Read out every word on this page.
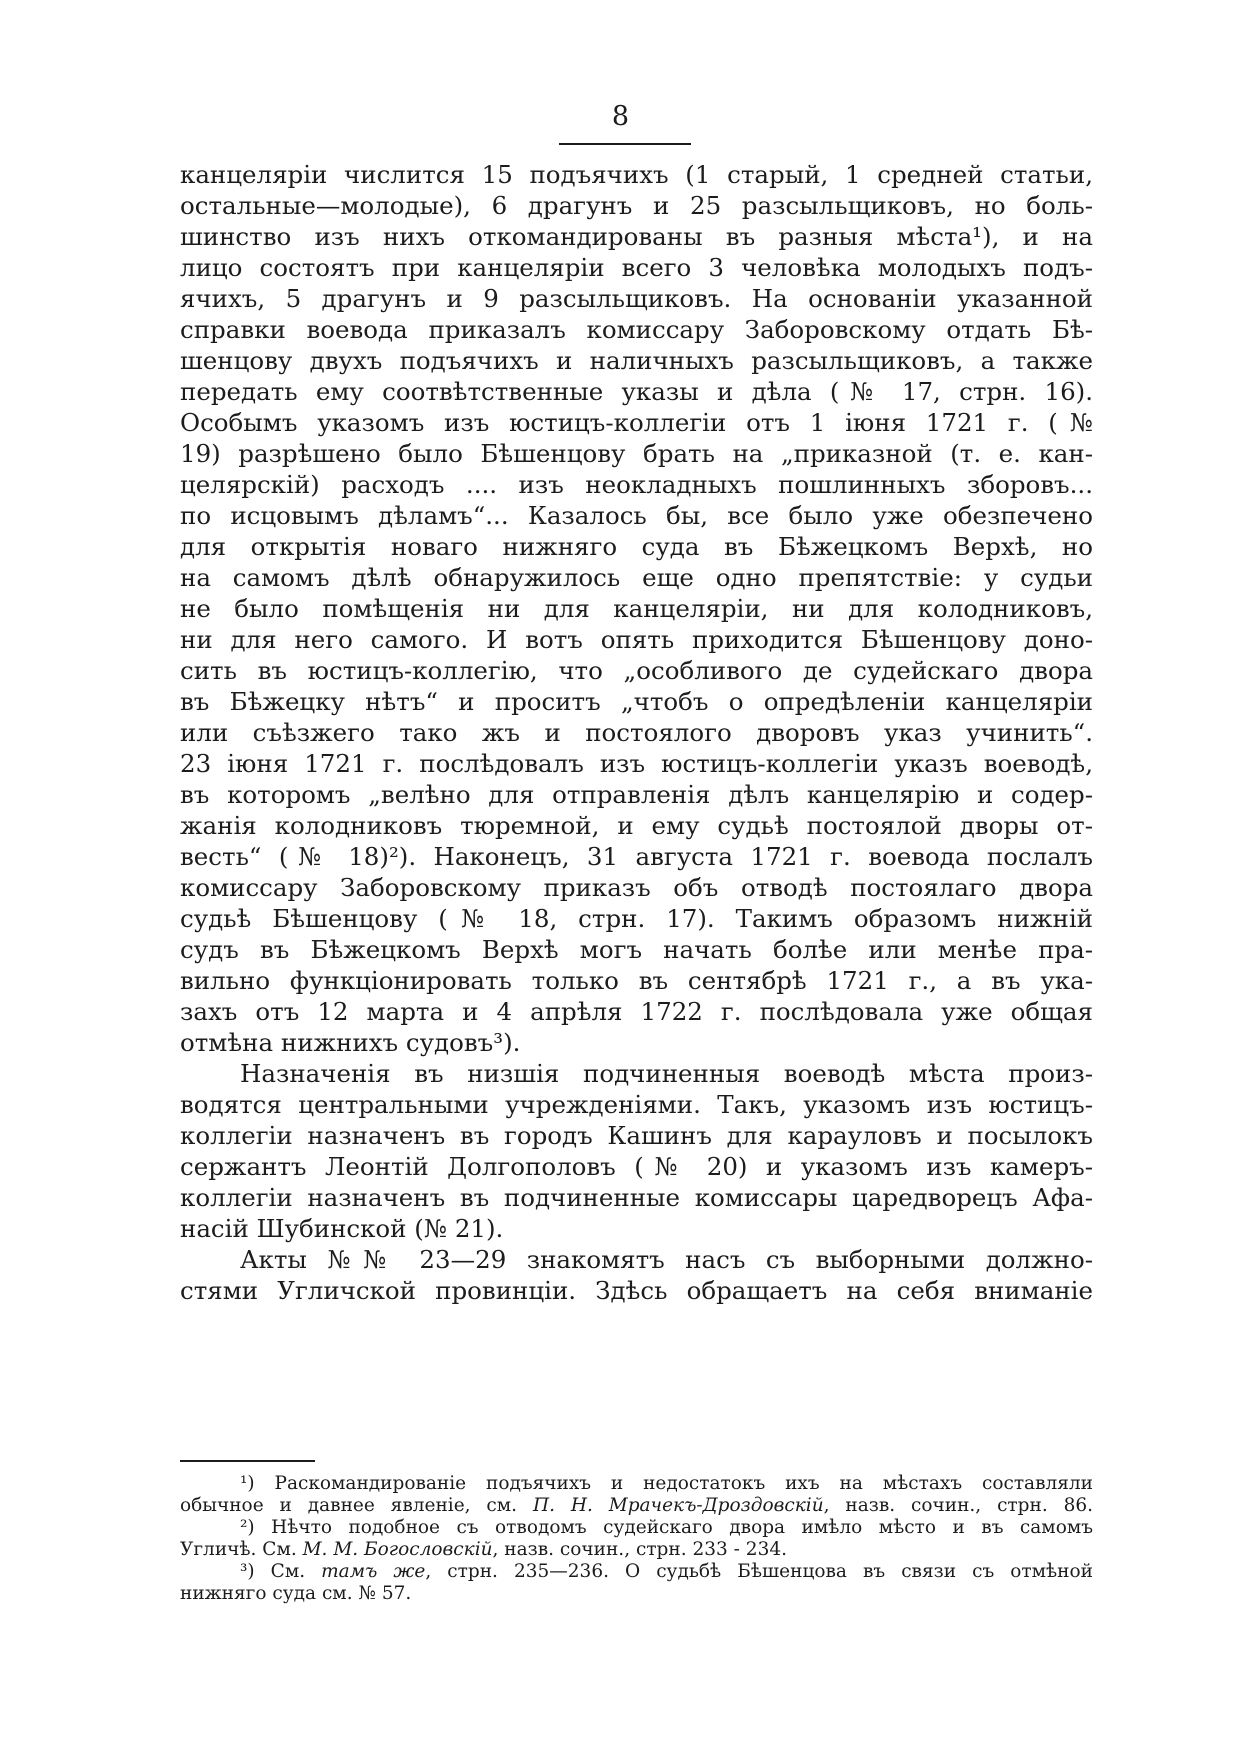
8
канцеляріи числится 15 подъячихъ (1 старый, 1 средней статьи,
остальные—молодые), 6 драгунъ и 25 разсыльщиковъ, но боль-
шинство изъ нихъ откомандированы въ разныя мѣста¹), и на
лицо состоятъ при канцеляріи всего 3 человѣка молодыхъ подъ-
ячихъ, 5 драгунъ и 9 разсыльщиковъ. На основаніи указанной
справки воевода приказалъ комиссару Заборовскому отдать Бѣ-
шенцову двухъ подъячихъ и наличныхъ разсыльщиковъ, а также
передать ему соотвѣтственные указы и дѣла (№ 17, стрн. 16).
Особымъ указомъ изъ юстицъ-коллегіи отъ 1 іюня 1721 г. (№
19) разрѣшено было Бѣшенцову брать на „приказной (т. е. кан-
целярскій) расходъ .... изъ неокладныхъ пошлинныхъ зборовъ...
по исцовымъ дѣламъ“... Казалось бы, все было уже обезпечено
для открытія новаго нижняго суда въ Бѣжецкомъ Верхѣ, но
на самомъ дѣлѣ обнаружилось еще одно препятствіе: у судьи
не было помѣщенія ни для канцеляріи, ни для колодниковъ,
ни для него самого. И вотъ опять приходится Бѣшенцову доно-
сить въ юстицъ-коллегію, что „особливого де судейскаго двора
въ Бѣжецку нѣтъ“ и проситъ „чтобъ о опредѣленіи канцеляріи
или съѣзжего тако жъ и постоялого дворовъ указ учинить“.
23 іюня 1721 г. послѣдовалъ изъ юстицъ-коллегіи указъ воеводѣ,
въ которомъ „велѣно для отправленія дѣлъ канцелярію и содер-
жанія колодниковъ тюремной, и ему судьѣ постоялой дворы от-
весть“ (№ 18)²). Наконецъ, 31 августа 1721 г. воевода послалъ
комиссару Заборовскому приказъ объ отводѣ постоялаго двора
судьѣ Бѣшенцову (№ 18, стрн. 17). Такимъ образомъ нижній
судъ въ Бѣжецкомъ Верхѣ могъ начать болѣе или менѣе пра-
вильно функціонировать только въ сентябрѣ 1721 г., а въ ука-
захъ отъ 12 марта и 4 апрѣля 1722 г. послѣдовала уже общая
отмѣна нижнихъ судовъ³).
Назначенія въ низшія подчиненныя воеводѣ мѣста произ-
водятся центральными учрежденіями. Такъ, указомъ изъ юстицъ-
коллегіи назначенъ въ городъ Кашинъ для карауловъ и посылокъ
сержантъ Леонтій Долгополовъ (№ 20) и указомъ изъ камеръ-
коллегіи назначенъ въ подчиненные комиссары царедворецъ Афа-
насій Шубинской (№ 21).
Акты №№ 23—29 знакомятъ насъ съ выборными должно-
стями Угличской провинціи. Здѣсь обращаетъ на себя вниманіе
¹) Раскомандированіе подъячихъ и недостатокъ ихъ на мѣстахъ составляли
обычное и давнее явленіе, см. П. Н. Мрачекъ-Дроздовскій, назв. сочин., стрн. 86.
²) Нѣчто подобное съ отводомъ судейскаго двора имѣло мѣсто и въ самомъ
Угличѣ. См. М. М. Богословскій, назв. сочин., стрн. 233 - 234.
³) См. тамъ же, стрн. 235—236. О судьбѣ Бѣшенцова въ связи съ отмѣной
нижняго суда см. № 57.
